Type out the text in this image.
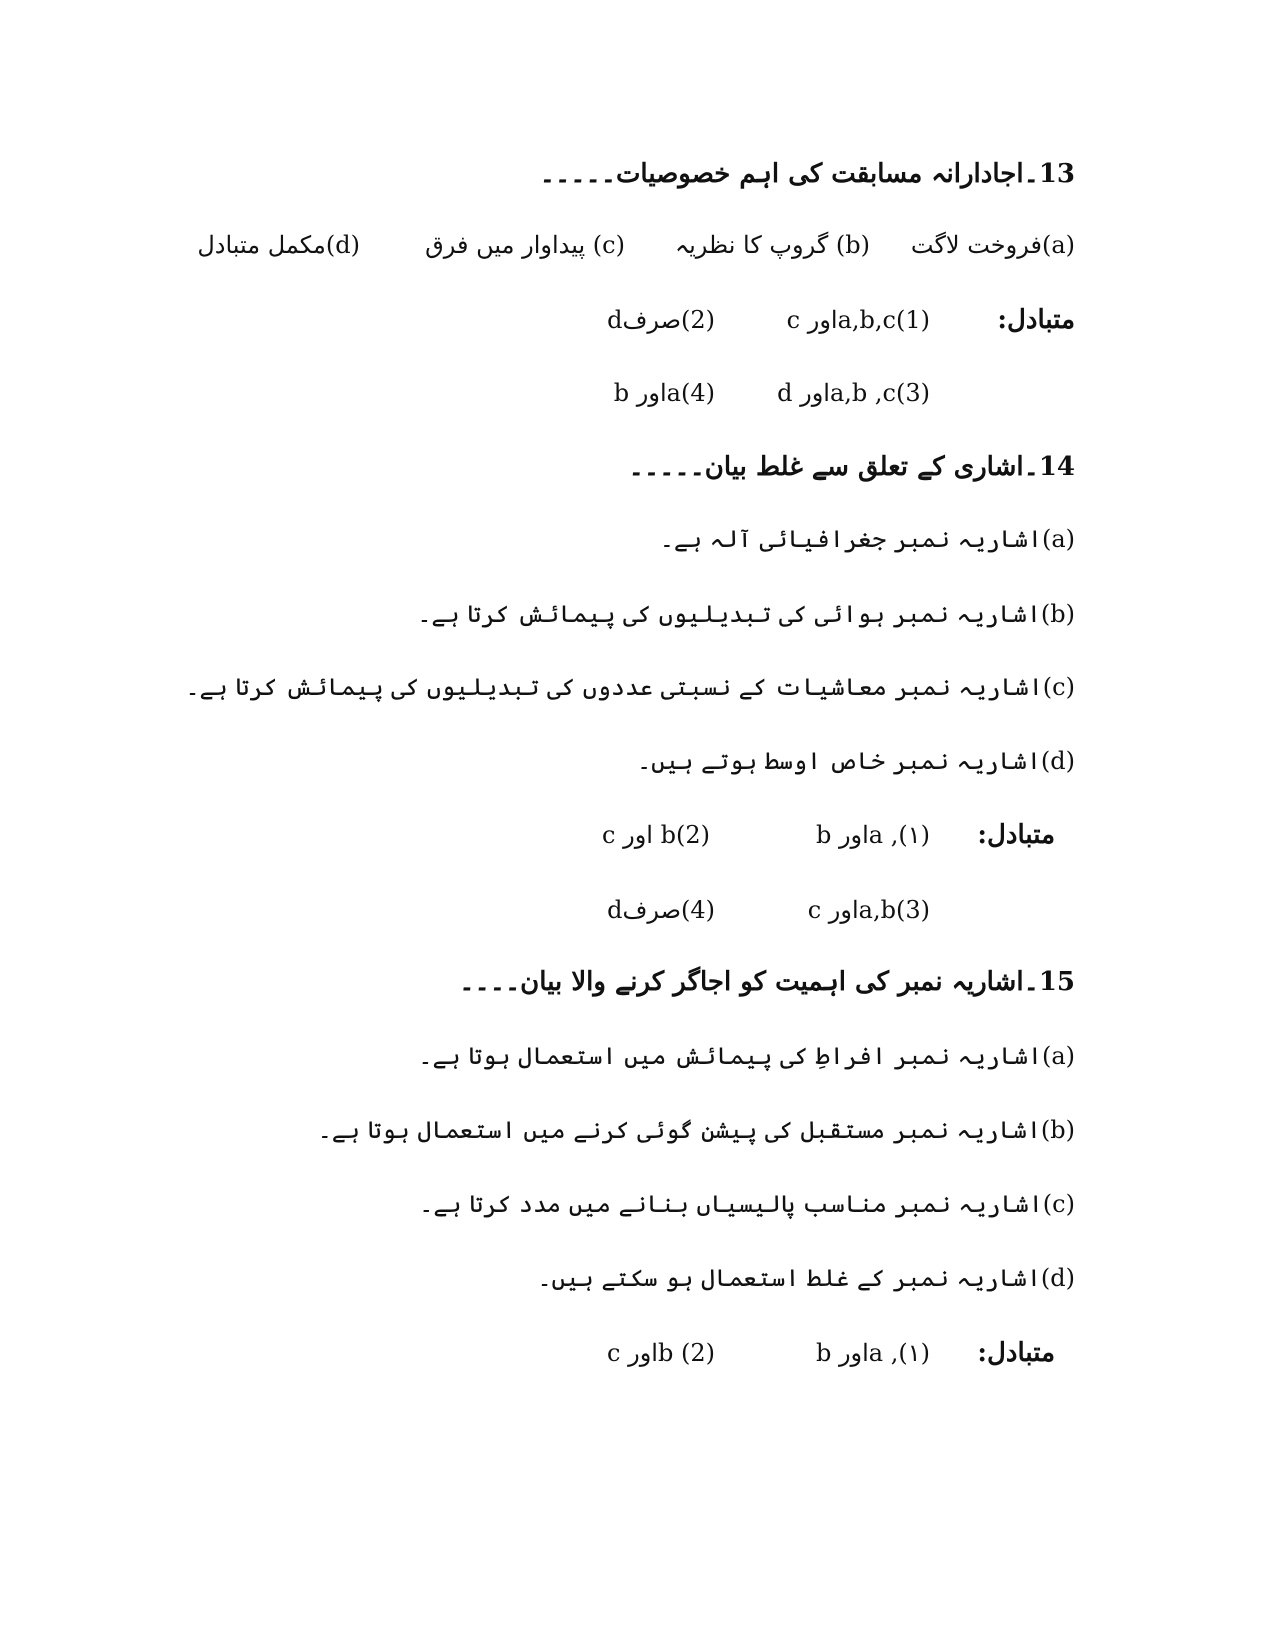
13۔اجادارانہ مسابقت کی اہم خصوصیات۔۔۔۔۔
(a)فروخت لاگت
(b) گروپ کا نظریہ
(c) پیداوار میں فرق
(d)مکمل متبادل
متبادل:
(1)a,b,cاور c
(2)صرفd
(3)a,b ,cاور d
(4)aاور b
14۔اشاری کے تعلق سے غلط بیان۔۔۔۔۔
(a)اشاریہ نمبر جغرافیائی آلہ ہے۔
(b)اشاریہ نمبر ہوائی کی تبدیلیوں کی پیمائش کرتا ہے۔
(c)اشاریہ نمبر معاشیات کے نسبتی عددوں کی تبدیلیوں کی پیمائش کرتا ہے۔
(d)اشاریہ نمبر خاص اوسط ہوتے ہیں۔
متبادل:
(۱), aاور b
(2)b اور c
(3)a,bاور c
(4)صرفd
15۔اشاریہ نمبر کی اہمیت کو اجاگر کرنے والا بیان۔۔۔۔
(a)اشاریہ نمبر افراطِ کی پیمائش میں استعمال ہوتا ہے۔
(b)اشاریہ نمبر مستقبل کی پیشن گوئی کرنے میں استعمال ہوتا ہے۔
(c)اشاریہ نمبر مناسب پالیسیاں بنانے میں مدد کرتا ہے۔
(d)اشاریہ نمبر کے غلط استعمال ہو سکتے ہیں۔
متبادل:
(۱), aاور b
(2) bاور c
